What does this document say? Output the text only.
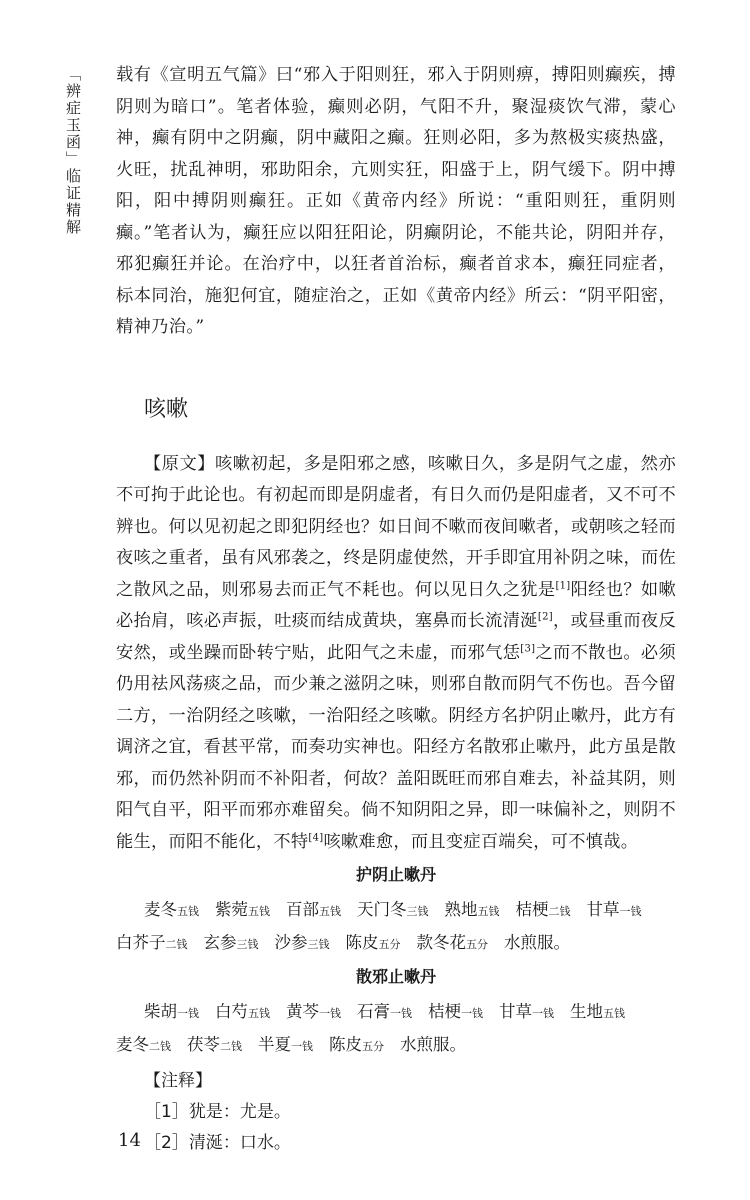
「辨症玉函」临证精解 载有《宣明五气篇》曰“邪入于阳则狂，邪入于阴则痹，搏阳则癫疾，搏阴则为暗口”。笔者体验，癫则必阴，气阳不升，聚湿痰饮气滞，蒙心神，癫有阴中之阴癫，阴中藏阳之癫。狂则必阳，多为熬极实痰热盛，火旺，扰乱神明，邪助阳余，亢则实狂，阳盛于上，阴气缓下。阴中搏阳，阳中搏阴则癫狂。正如《黄帝内经》所说：“重阳则狂，重阴则癫。”笔者认为，癫狂应以阳狂阳论，阴癫阴论，不能共论，阴阳并存，邪犯癫狂并论。在治疗中，以狂者首治标，癫者首求本，癫狂同症者，标本同治，施犯何宜，随症治之，正如《黄帝内经》所云：“阴平阳密，精神乃治。”

咳嗽

【原文】咳嗽初起，多是阳邪之感，咳嗽日久，多是阴气之虚，然亦不可拘于此论也。有初起而即是阴虚者，有日久而仍是阳虚者，又不可不辨也。何以见初起之即犯阴经也？如日间不嗽而夜间嗽者，或朝咳之轻而夜咳之重者，虽有风邪袭之，终是阴虚使然，开手即宜用补阴之味，而佐之散风之品，则邪易去而正气不耗也。何以见日久之犹是[1]阳经也？如嗽必抬肩，咳必声振，吐痰而结成黄块，塞鼻而长流清涎[2]，或昼重而夜反安然，或坐躁而卧转宁贴，此阳气之未虚，而邪气恁[3]之而不散也。必须仍用祛风荡痰之品，而少兼之滋阴之味，则邪自散而阴气不伤也。吾今留二方，一治阴经之咳嗽，一治阳经之咳嗽。阴经方名护阴止嗽丹，此方有调济之宜，看甚平常，而奏功实神也。阳经方名散邪止嗽丹，此方虽是散邪，而仍然补阴而不补阳者，何故？盖阳既旺而邪自难去，补益其阴，则阳气自平，阳平而邪亦难留矣。倘不知阴阳之异，即一味偏补之，则阴不能生，而阳不能化，不特[4]咳嗽难愈，而且变症百端矣，可不慎哉。

护阴止嗽丹

麦冬五钱 紫菀五钱 百部五钱 天门冬三钱 熟地五钱 桔梗二钱 甘草一钱白芥子二钱 玄参三钱 沙参三钱 陈皮五分 款冬花五分 水煎服。

散邪止嗽丹

柴胡一钱 白芍五钱 黄芩一钱 石膏一钱 桔梗一钱 甘草一钱 生地五钱麦冬二钱 茯苓二钱 半夏一钱 陈皮五分 水煎服。

【注释】
［1］犹是：尤是。
［2］清涎：口水。
14
